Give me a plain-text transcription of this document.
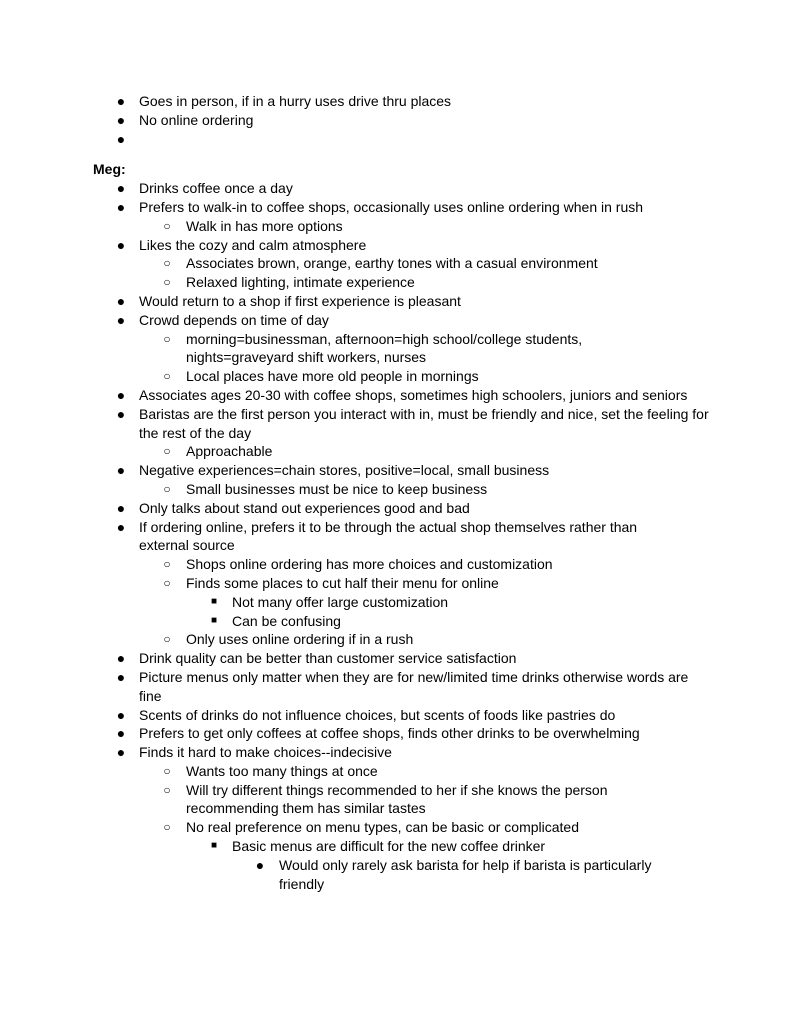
● Goes in person, if in a hurry uses drive thru places
● No online ordering
●

Meg:
● Drinks coffee once a day
● Prefers to walk-in to coffee shops, occasionally uses online ordering when in rush
○	Walk in has more options
● Likes the cozy and calm atmosphere
○	Associates brown, orange, earthy tones with a casual environment
○	Relaxed lighting, intimate experience
● Would return to a shop if first experience is pleasant
● Crowd depends on time of day
○	morning=businessman, afternoon=high school/college students, nights=graveyard shift workers, nurses
○	Local places have more old people in mornings
● Associates ages 20-30 with coffee shops, sometimes high schoolers, juniors and seniors
● Baristas are the first person you interact with in, must be friendly and nice, set the feeling for the rest of the day
○	Approachable
● Negative experiences=chain stores, positive=local, small business
○	Small businesses must be nice to keep business
● Only talks about stand out experiences good and bad
● If ordering online, prefers it to be through the actual shop themselves rather than external source
○	Shops online ordering has more choices and customization
○	Finds some places to cut half their menu for online
■	Not many offer large customization
■	Can be confusing
○	Only uses online ordering if in a rush
● Drink quality can be better than customer service satisfaction
● Picture menus only matter when they are for new/limited time drinks otherwise words are fine
● Scents of drinks do not influence choices, but scents of foods like pastries do
● Prefers to get only coffees at coffee shops, finds other drinks to be overwhelming
● Finds it hard to make choices--indecisive
○	Wants too many things at once
○	Will try different things recommended to her if she knows the person recommending them has similar tastes
○	No real preference on menu types, can be basic or complicated
■	Basic menus are difficult for the new coffee drinker
● Would only rarely ask barista for help if barista is particularly friendly
